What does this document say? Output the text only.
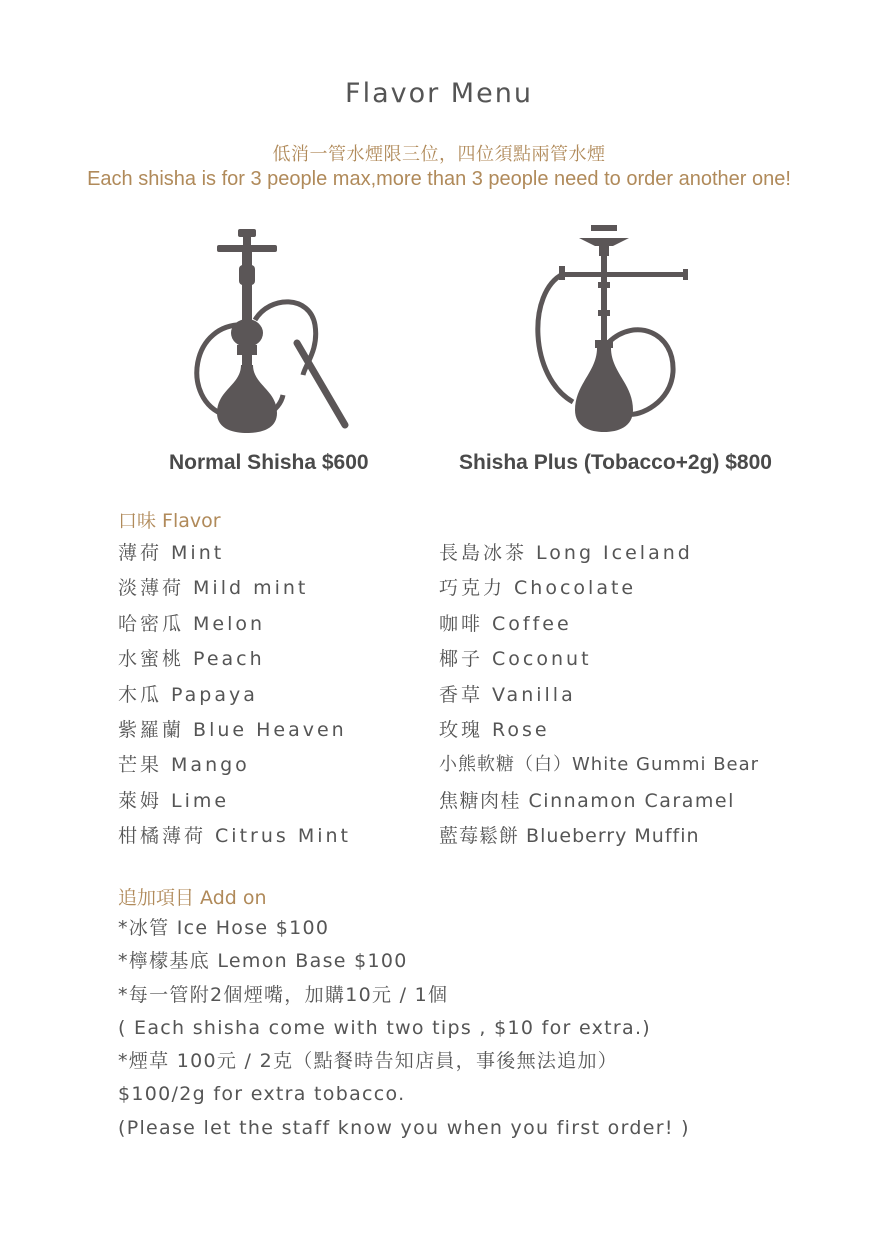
Flavor Menu
低消一管水煙限三位，四位須點兩管水煙
Each shisha is for 3 people max,more than 3 people need to order another one!
Normal Shisha $600	Shisha Plus (Tobacco+2g) $800
口味 Flavor
薄荷 Mint
淡薄荷 Mild mint
哈密瓜 Melon
水蜜桃 Peach
木瓜 Papaya
紫羅蘭 Blue Heaven
芒果 Mango
萊姆 Lime
柑橘薄荷 Citrus Mint
長島冰茶 Long Iceland
巧克力 Chocolate
咖啡 Coffee
椰子 Coconut
香草 Vanilla
玫瑰 Rose
小熊軟糖（白）White Gummi Bear
焦糖肉桂 Cinnamon Caramel
藍莓鬆餅 Blueberry Muffin
追加項目 Add on
*冰管 Ice Hose $100
*檸檬基底 Lemon Base $100
*每一管附2個煙嘴，加購10元 / 1個
( Each shisha come with two tips , $10 for extra.)
*煙草 100元 / 2克（點餐時告知店員，事後無法追加）
$100/2g for extra tobacco.
(Please let the staff know you when you first order! )
